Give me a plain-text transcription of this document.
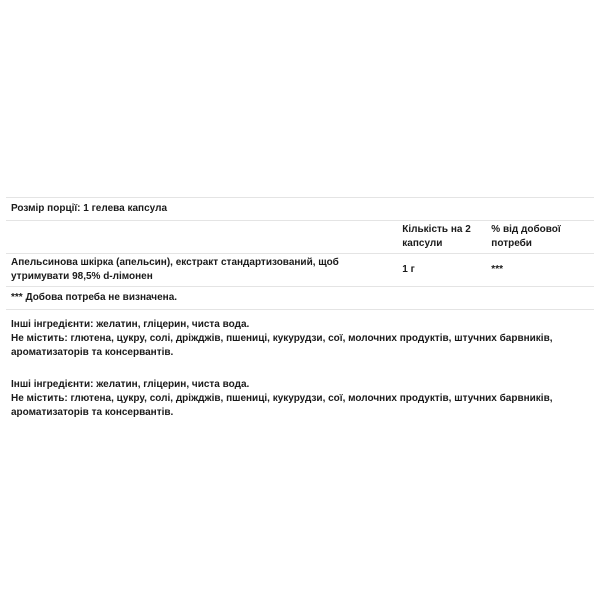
Розмір порції: 1 гелева капсула		
	Кількість на 2 капсули	% від добової потреби
Апельсинова шкірка (апельсин), екстракт стандартизований, щоб утримувати 98,5% d-лімонен	1 г	***
*** Добова потреба не визначена.		

Інші інгредієнти: желатин, гліцерин, чиста вода.

Не містить: глютена, цукру, солі, дріжджів, пшениці, кукурудзи, сої, молочних продуктів, штучних барвників, ароматизаторів та консервантів.

Інші інгредієнти: желатин, гліцерин, чиста вода.

Не містить: глютена, цукру, солі, дріжджів, пшениці, кукурудзи, сої, молочних продуктів, штучних барвників, ароматизаторів та консервантів.
